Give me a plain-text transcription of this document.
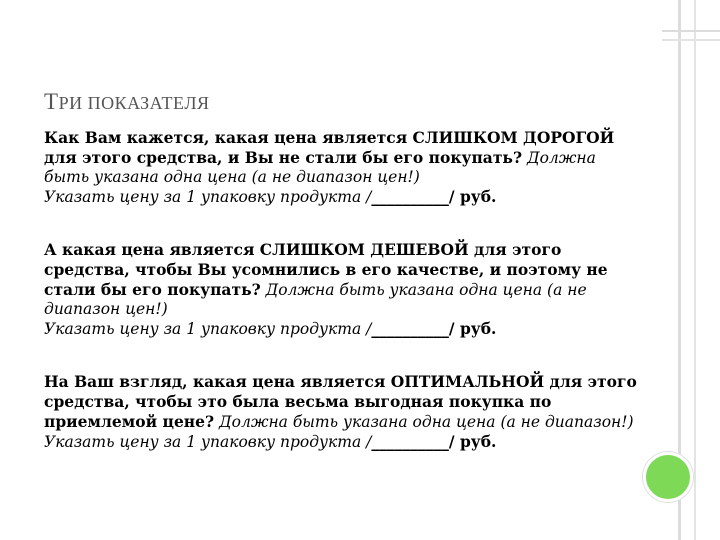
ТРИ ПОКАЗАТЕЛЯ

Как Вам кажется, какая цена является СЛИШКОМ ДОРОГОЙ для этого средства, и Вы не стали бы его покупать? Должна быть указана одна цена (а не диапазон цен!)

Указать цену за 1 упаковку продукта /__________/ руб.

А какая цена является СЛИШКОМ ДЕШЕВОЙ для этого средства, чтобы Вы усомнились в его качестве, и поэтому не стали бы его покупать? Должна быть указана одна цена (а не диапазон цен!)

Указать цену за 1 упаковку продукта /__________/ руб.

На Ваш взгляд, какая цена является ОПТИМАЛЬНОЙ для этого средства, чтобы это была весьма выгодная покупка по приемлемой цене? Должна быть указана одна цена (а не диапазон!)

Указать цену за 1 упаковку продукта /__________/ руб.
